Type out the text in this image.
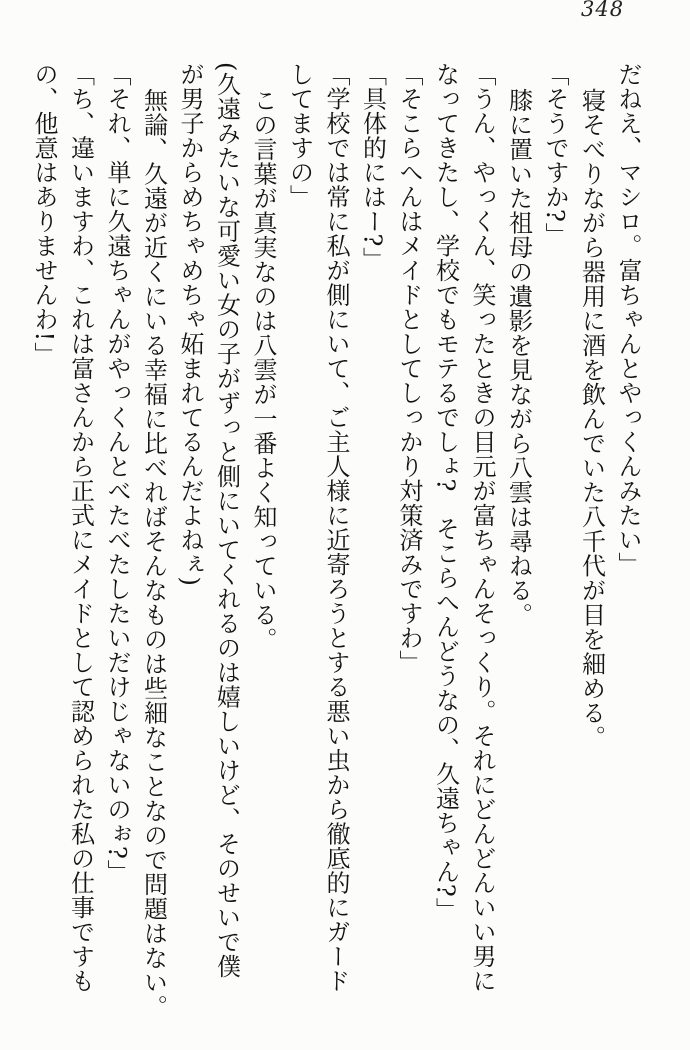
348

だねえ、マシロ。富ちゃんとやっくんみたい」

寝そべりながら器用に酒を飲んでいた八千代が目を細める。

「そうですか?」

膝に置いた祖母の遺影を見ながら八雲は尋ねる。

「うん、やっくん、笑ったときの目元が富ちゃんそっくり。それにどんどんいい男に

なってきたし、学校でもモテるでしょ?　そこらへんどうなの、久遠ちゃん?」

「そこらへんはメイドとしてしっかり対策済みですわ」

「具体的にはー?」

「学校では常に私が側にいて、ご主人様に近寄ろうとする悪い虫から徹底的にガード

してますの」

この言葉が真実なのは八雲が一番よく知っている。

(久遠みたいな可愛い女の子がずっと側にいてくれるのは嬉しいけど、そのせいで僕

が男子からめちゃめちゃ妬まれてるんだよねぇ)

無論、久遠が近くにいる幸福に比べればそんなものは些細なことなので問題はない。

「それ、単に久遠ちゃんがやっくんとべたべたしたいだけじゃないのぉ?」

「ち、違いますわ、これは富さんから正式にメイドとして認められた私の仕事ですも

の、他意はありませんわ!」
